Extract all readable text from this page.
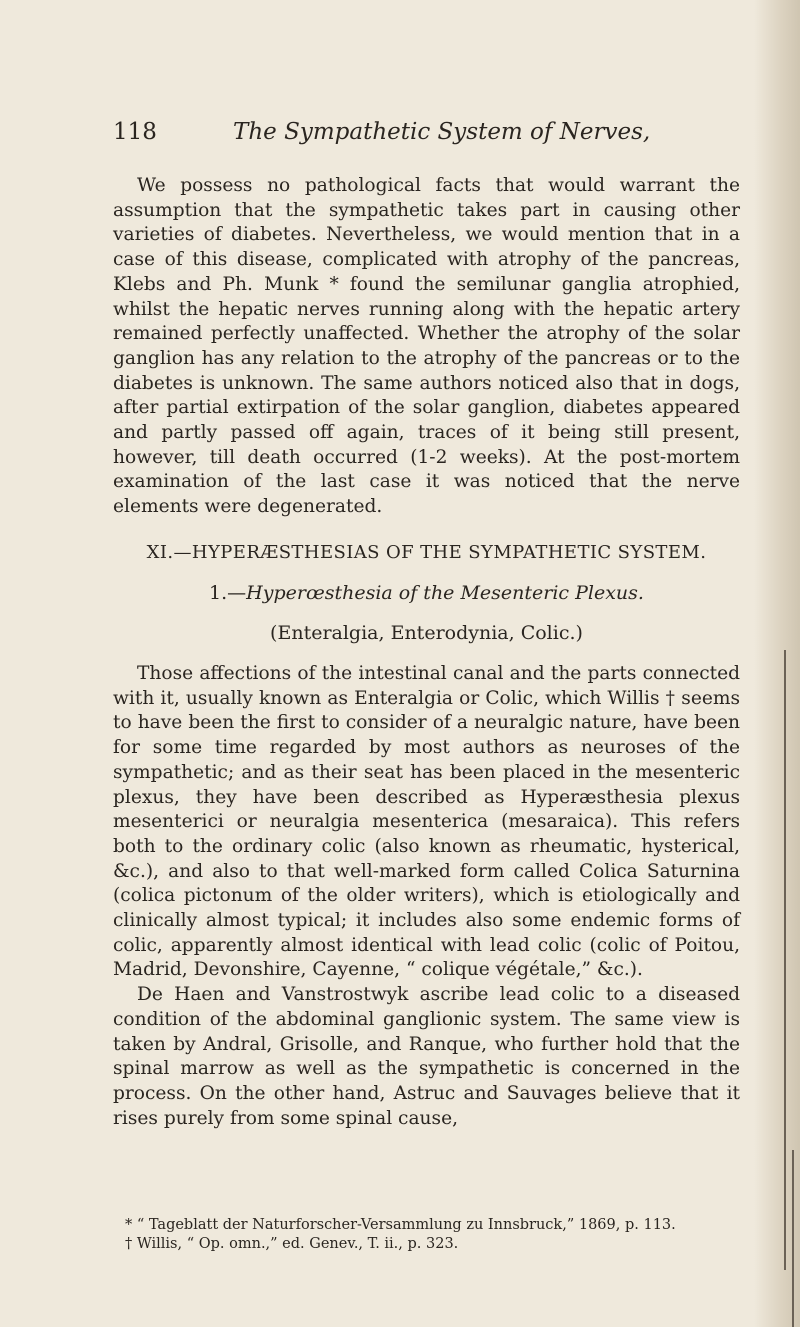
118	The Sympathetic System of Nerves,

We possess no pathological facts that would warrant the assumption that the sympathetic takes part in causing other varieties of diabetes. Nevertheless, we would mention that in a case of this disease, complicated with atrophy of the pancreas, Klebs and Ph. Munk * found the semilunar ganglia atrophied, whilst the hepatic nerves running along with the hepatic artery remained perfectly unaffected. Whether the atrophy of the solar ganglion has any relation to the atrophy of the pancreas or to the diabetes is unknown. The same authors noticed also that in dogs, after partial extirpation of the solar ganglion, diabetes appeared and partly passed off again, traces of it being still present, however, till death occurred (1-2 weeks). At the post-mortem examination of the last case it was noticed that the nerve elements were degenerated.

XI.—HYPERÆSTHESIAS OF THE SYMPATHETIC SYSTEM.
1.—Hyperœsthesia of the Mesenteric Plexus.
(Enteralgia, Enterodynia, Colic.)

Those affections of the intestinal canal and the parts connected with it, usually known as Enteralgia or Colic, which Willis † seems to have been the first to consider of a neuralgic nature, have been for some time regarded by most authors as neuroses of the sympathetic; and as their seat has been placed in the mesenteric plexus, they have been described as Hyperæsthesia plexus mesenterici or neuralgia mesenterica (mesaraica). This refers both to the ordinary colic (also known as rheumatic, hysterical, &c.), and also to that well-marked form called Colica Saturnina (colica pictonum of the older writers), which is etiologically and clinically almost typical; it includes also some endemic forms of colic, apparently almost identical with lead colic (colic of Poitou, Madrid, Devonshire, Cayenne, “ colique végétale,” &c.).

De Haen and Vanstrostwyk ascribe lead colic to a diseased condition of the abdominal ganglionic system. The same view is taken by Andral, Grisolle, and Ranque, who further hold that the spinal marrow as well as the sympathetic is concerned in the process. On the other hand, Astruc and Sauvages believe that it rises purely from some spinal cause,

* “ Tageblatt der Naturforscher-Versammlung zu Innsbruck,” 1869, p. 113.
† Willis, “ Op. omn.,” ed. Genev., T. ii., p. 323.
